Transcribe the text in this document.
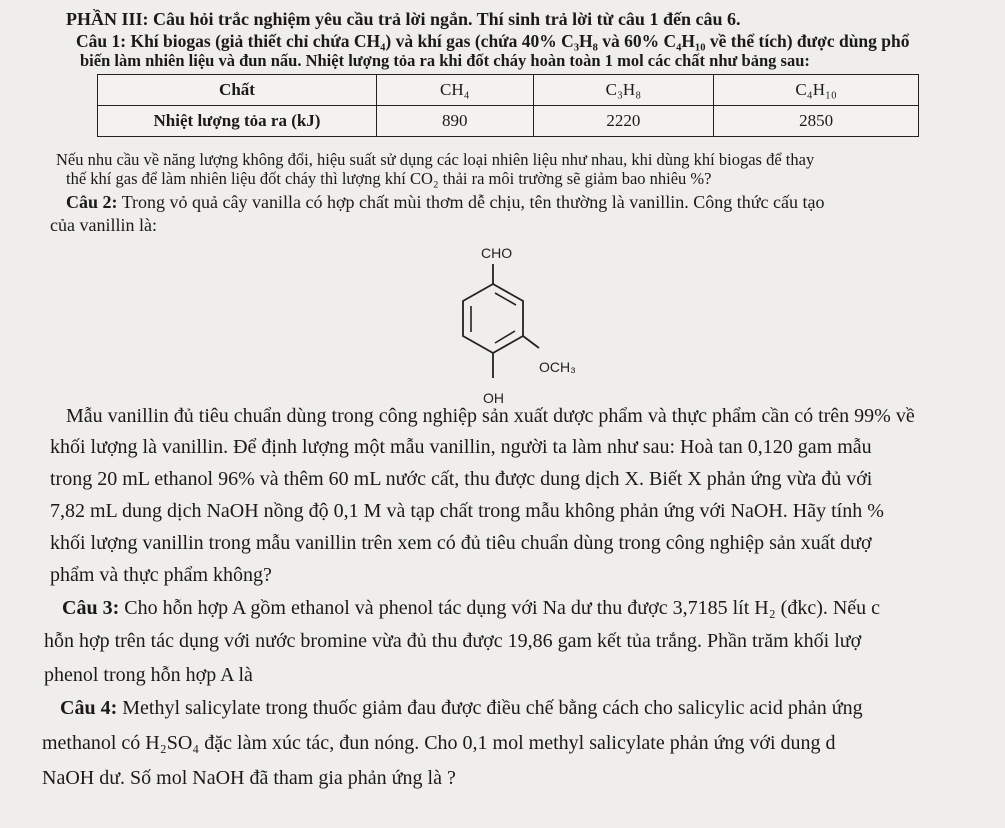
PHẦN III: Câu hỏi trắc nghiệm yêu cầu trả lời ngắn. Thí sinh trả lời từ câu 1 đến câu 6.
Câu 1: Khí biogas (giả thiết chỉ chứa CH₄) và khí gas (chứa 40% C₃H₈ và 60% C₄H₁₀ về thể tích) được dùng phổ
biến làm nhiên liệu và đun nấu. Nhiệt lượng tỏa ra khi đốt cháy hoàn toàn 1 mol các chất như bảng sau:
Chất	CH₄	C₃H₈	C₄H₁₀
Nhiệt lượng tỏa ra (kJ)	890	2220	2850
Nếu nhu cầu về năng lượng không đổi, hiệu suất sử dụng các loại nhiên liệu như nhau, khi dùng khí biogas để thay
thế khí gas để làm nhiên liệu đốt cháy thì lượng khí CO₂ thải ra môi trường sẽ giảm bao nhiêu %?
Câu 2: Trong vỏ quả cây vanilla có hợp chất mùi thơm dễ chịu, tên thường là vanillin. Công thức cấu tạo
của vanillin là:
CHO
OCH₃
OH
Mẫu vanillin đủ tiêu chuẩn dùng trong công nghiệp sản xuất dược phẩm và thực phẩm cần có trên 99% về
khối lượng là vanillin. Để định lượng một mẫu vanillin, người ta làm như sau: Hoà tan 0,120 gam mẫu
trong 20 mL ethanol 96% và thêm 60 mL nước cất, thu được dung dịch X. Biết X phản ứng vừa đủ với
7,82 mL dung dịch NaOH nồng độ 0,1 M và tạp chất trong mẫu không phản ứng với NaOH. Hãy tính %
khối lượng vanillin trong mẫu vanillin trên xem có đủ tiêu chuẩn dùng trong công nghiệp sản xuất dượ
phẩm và thực phẩm không?
Câu 3: Cho hỗn hợp A gồm ethanol và phenol tác dụng với Na dư thu được 3,7185 lít H₂ (đkc). Nếu c
hỗn hợp trên tác dụng với nước bromine vừa đủ thu được 19,86 gam kết tủa trắng. Phần trăm khối lượ
phenol trong hỗn hợp A là
Câu 4: Methyl salicylate trong thuốc giảm đau được điều chế bằng cách cho salicylic acid phản ứng
methanol có H₂SO₄ đặc làm xúc tác, đun nóng. Cho 0,1 mol methyl salicylate phản ứng với dung d
NaOH dư. Số mol NaOH đã tham gia phản ứng là ?
